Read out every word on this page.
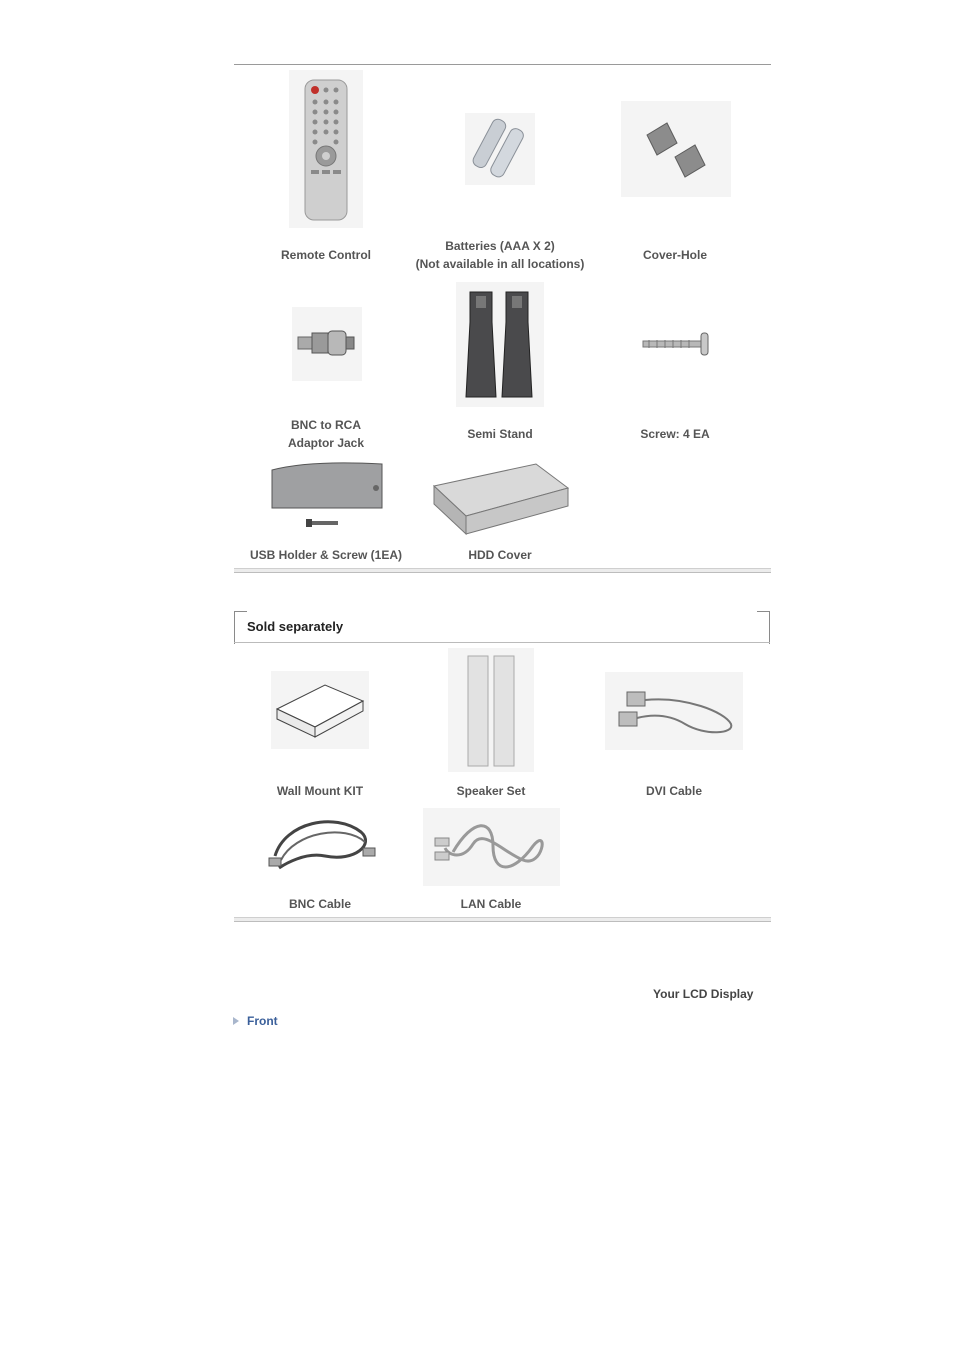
Remote Control
Batteries (AAA X 2)
(Not available in all locations)
Cover-Hole
BNC to RCA
Adaptor Jack
Semi Stand	Screw: 4 EA
USB Holder & Screw (1EA)	HDD Cover
Sold separately
Wall Mount KIT	Speaker Set	DVI Cable
BNC Cable	LAN Cable
Your LCD Display
Front
